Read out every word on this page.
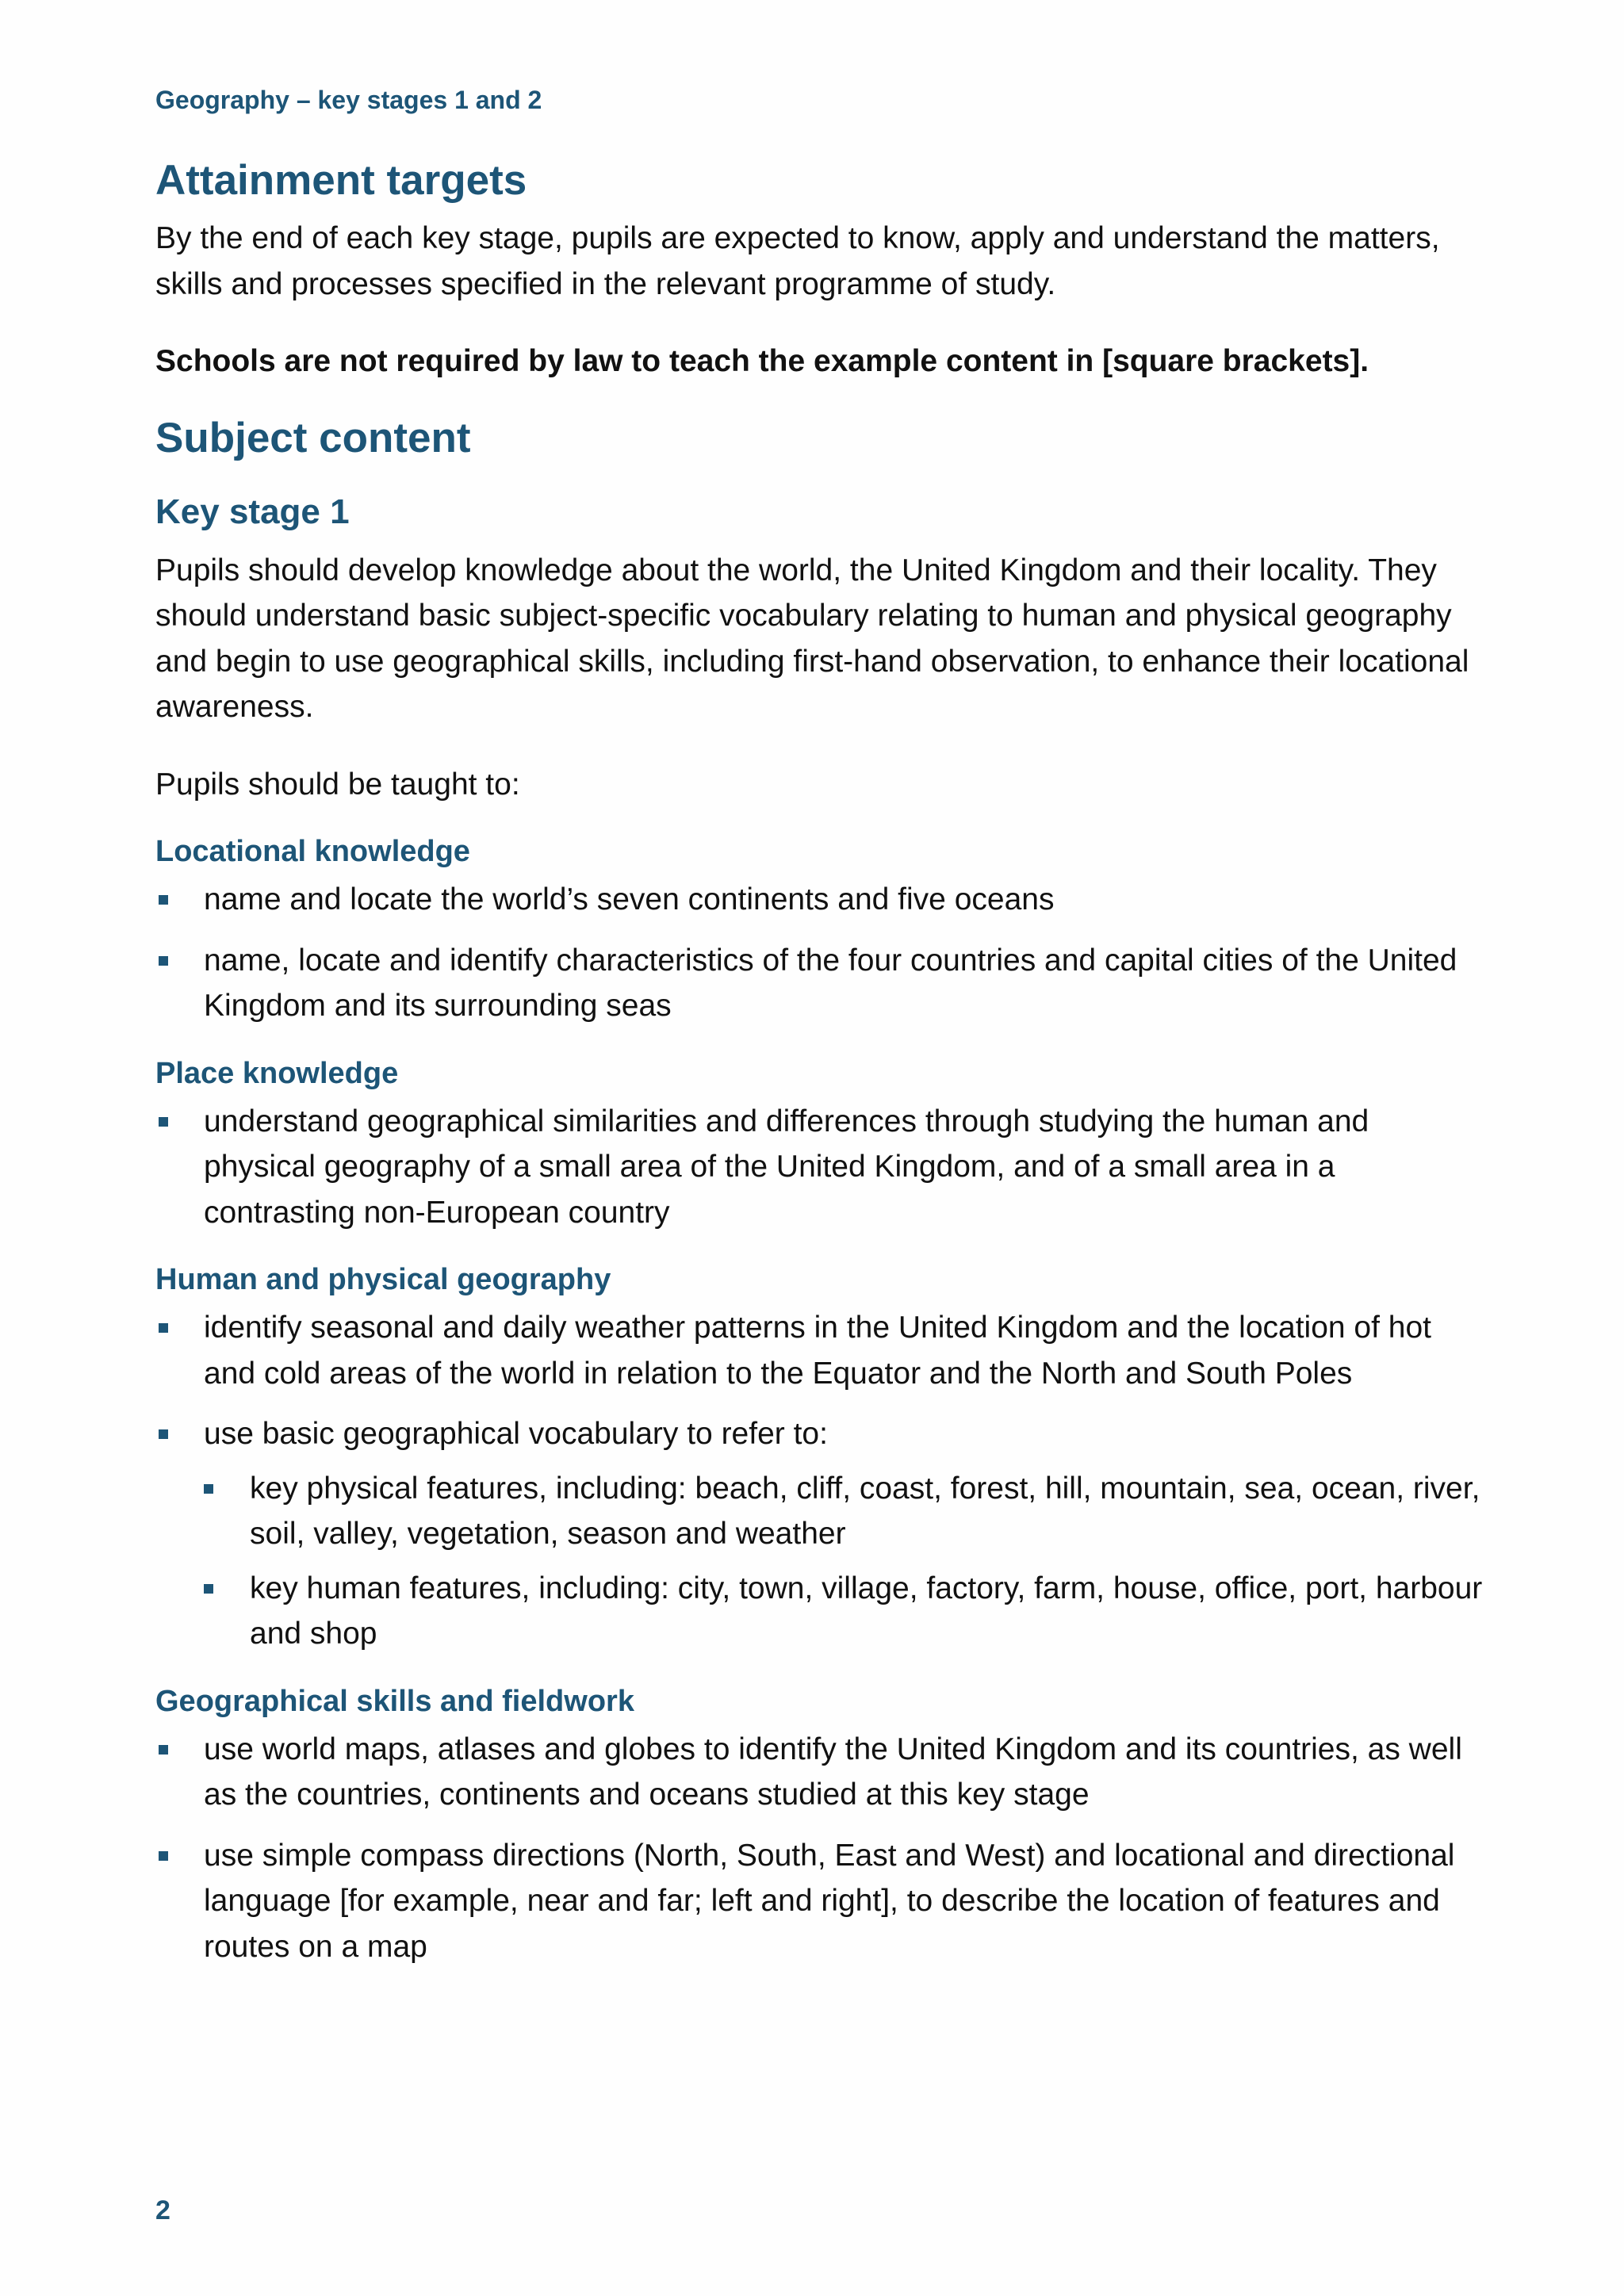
Geography – key stages 1 and 2

Attainment targets

By the end of each key stage, pupils are expected to know, apply and understand the matters, skills and processes specified in the relevant programme of study.

Schools are not required by law to teach the example content in [square brackets].

Subject content
Key stage 1

Pupils should develop knowledge about the world, the United Kingdom and their locality. They should understand basic subject-specific vocabulary relating to human and physical geography and begin to use geographical skills, including first-hand observation, to enhance their locational awareness.

Pupils should be taught to:

Locational knowledge
name and locate the world’s seven continents and five oceans
name, locate and identify characteristics of the four countries and capital cities of the United Kingdom and its surrounding seas
Place knowledge
understand geographical similarities and differences through studying the human and physical geography of a small area of the United Kingdom, and of a small area in a contrasting non-European country
Human and physical geography
identify seasonal and daily weather patterns in the United Kingdom and the location of hot and cold areas of the world in relation to the Equator and the North and South Poles
use basic geographical vocabulary to refer to:
key physical features, including: beach, cliff, coast, forest, hill, mountain, sea, ocean, river, soil, valley, vegetation, season and weather
key human features, including: city, town, village, factory, farm, house, office, port, harbour and shop
Geographical skills and fieldwork
use world maps, atlases and globes to identify the United Kingdom and its countries, as well as the countries, continents and oceans studied at this key stage
use simple compass directions (North, South, East and West) and locational and directional language [for example, near and far; left and right], to describe the location of features and routes on a map

2
